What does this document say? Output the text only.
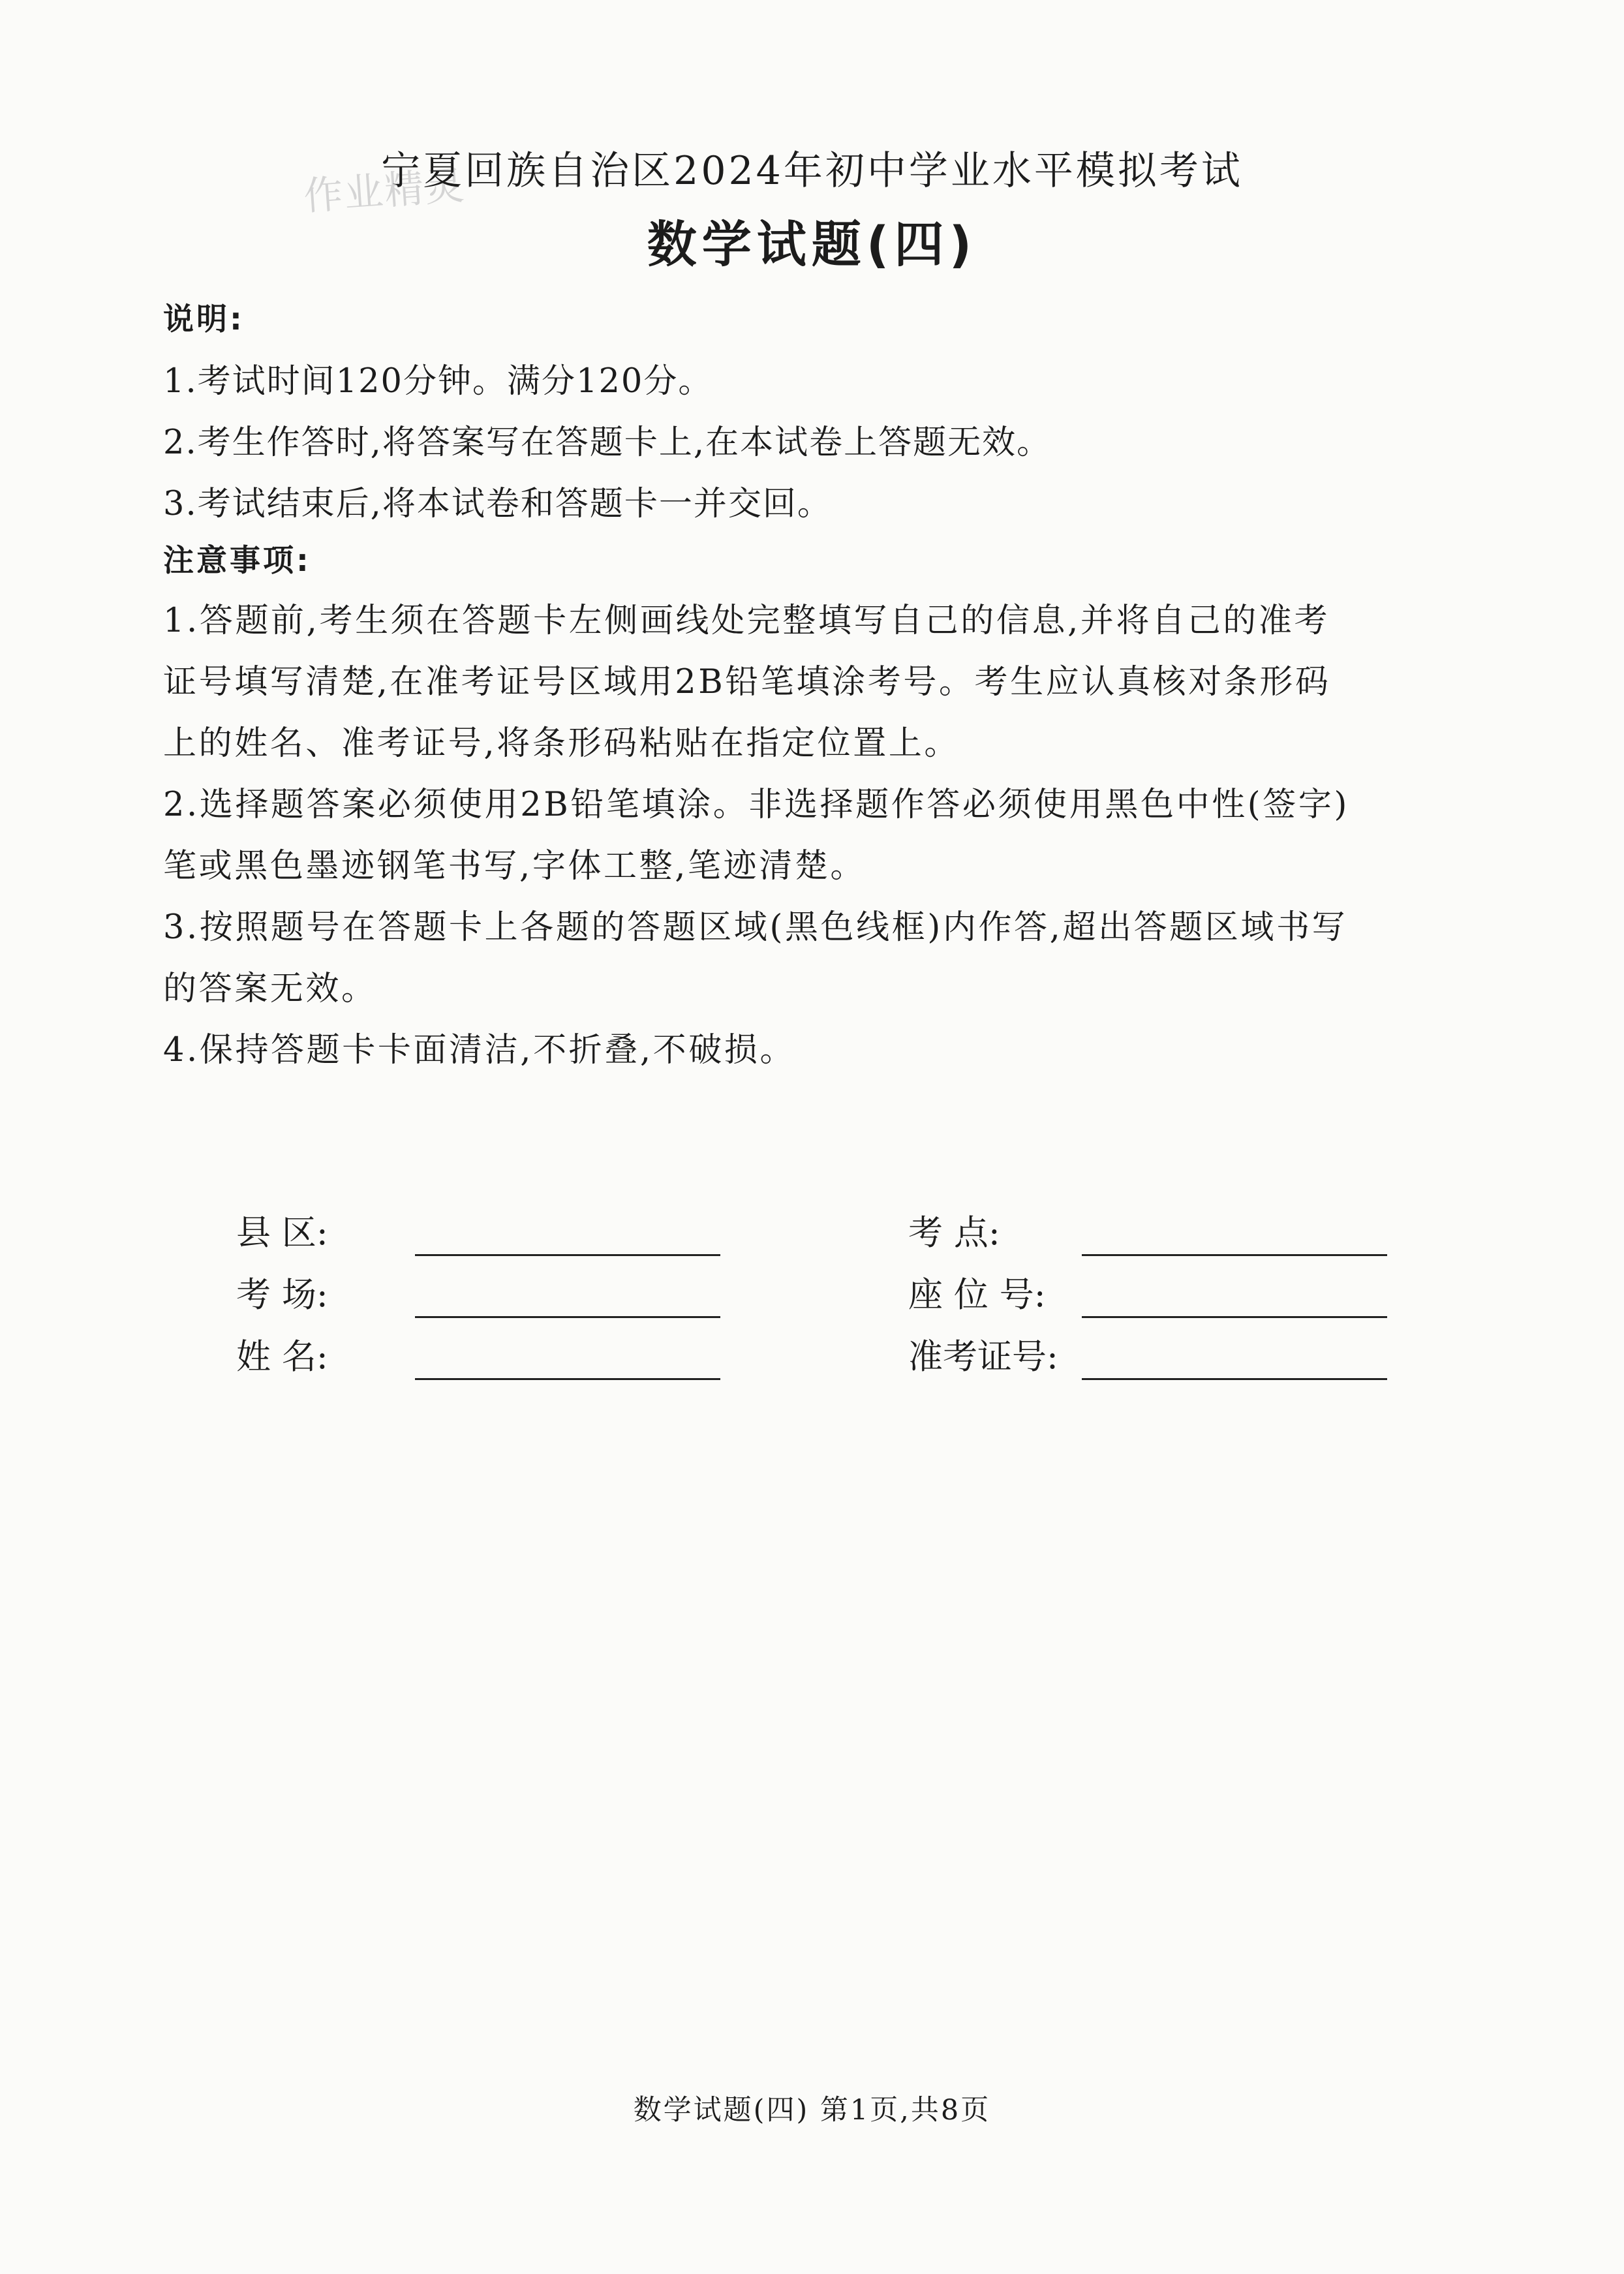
作业精灵
宁夏回族自治区2024年初中学业水平模拟考试
数学试题(四)
说明:
1.考试时间120分钟。满分120分。
2.考生作答时,将答案写在答题卡上,在本试卷上答题无效。
3.考试结束后,将本试卷和答题卡一并交回。
注意事项:
1.答题前,考生须在答题卡左侧画线处完整填写自己的信息,并将自己的准考
证号填写清楚,在准考证号区域用2B铅笔填涂考号。考生应认真核对条形码
上的姓名、准考证号,将条形码粘贴在指定位置上。
2.选择题答案必须使用2B铅笔填涂。非选择题作答必须使用黑色中性(签字)
笔或黑色墨迹钢笔书写,字体工整,笔迹清楚。
3.按照题号在答题卡上各题的答题区域(黑色线框)内作答,超出答题区域书写
的答案无效。
4.保持答题卡卡面清洁,不折叠,不破损。
县 区:	考 点:
考 场:	座 位 号:
姓 名:	准考证号:
数学试题(四) 第1页,共8页
